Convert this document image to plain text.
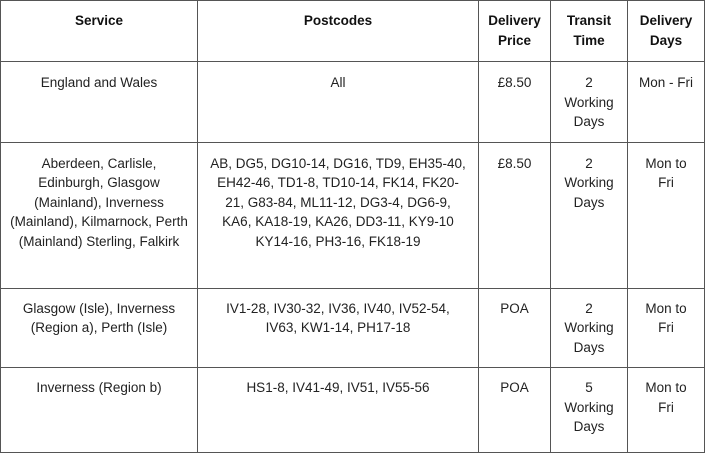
Service	Postcodes	Delivery Price	Transit Time	Delivery Days
England and Wales	All	£8.50	2 Working Days	Mon - Fri
Aberdeen, Carlisle, Edinburgh, Glasgow (Mainland), Inverness (Mainland), Kilmarnock, Perth (Mainland) Sterling, Falkirk	AB, DG5, DG10-14, DG16, TD9, EH35-40, EH42-46, TD1-8, TD10-14, FK14, FK20-21, G83-84, ML11-12, DG3-4, DG6-9, KA6, KA18-19, KA26, DD3-11, KY9-10 KY14-16, PH3-16, FK18-19	£8.50	2 Working Days	Mon to Fri
Glasgow (Isle), Inverness (Region a), Perth (Isle)	IV1-28, IV30-32, IV36, IV40, IV52-54, IV63, KW1-14, PH17-18	POA	2 Working Days	Mon to Fri
Inverness (Region b)	HS1-8, IV41-49, IV51, IV55-56	POA	5 Working Days	Mon to Fri
